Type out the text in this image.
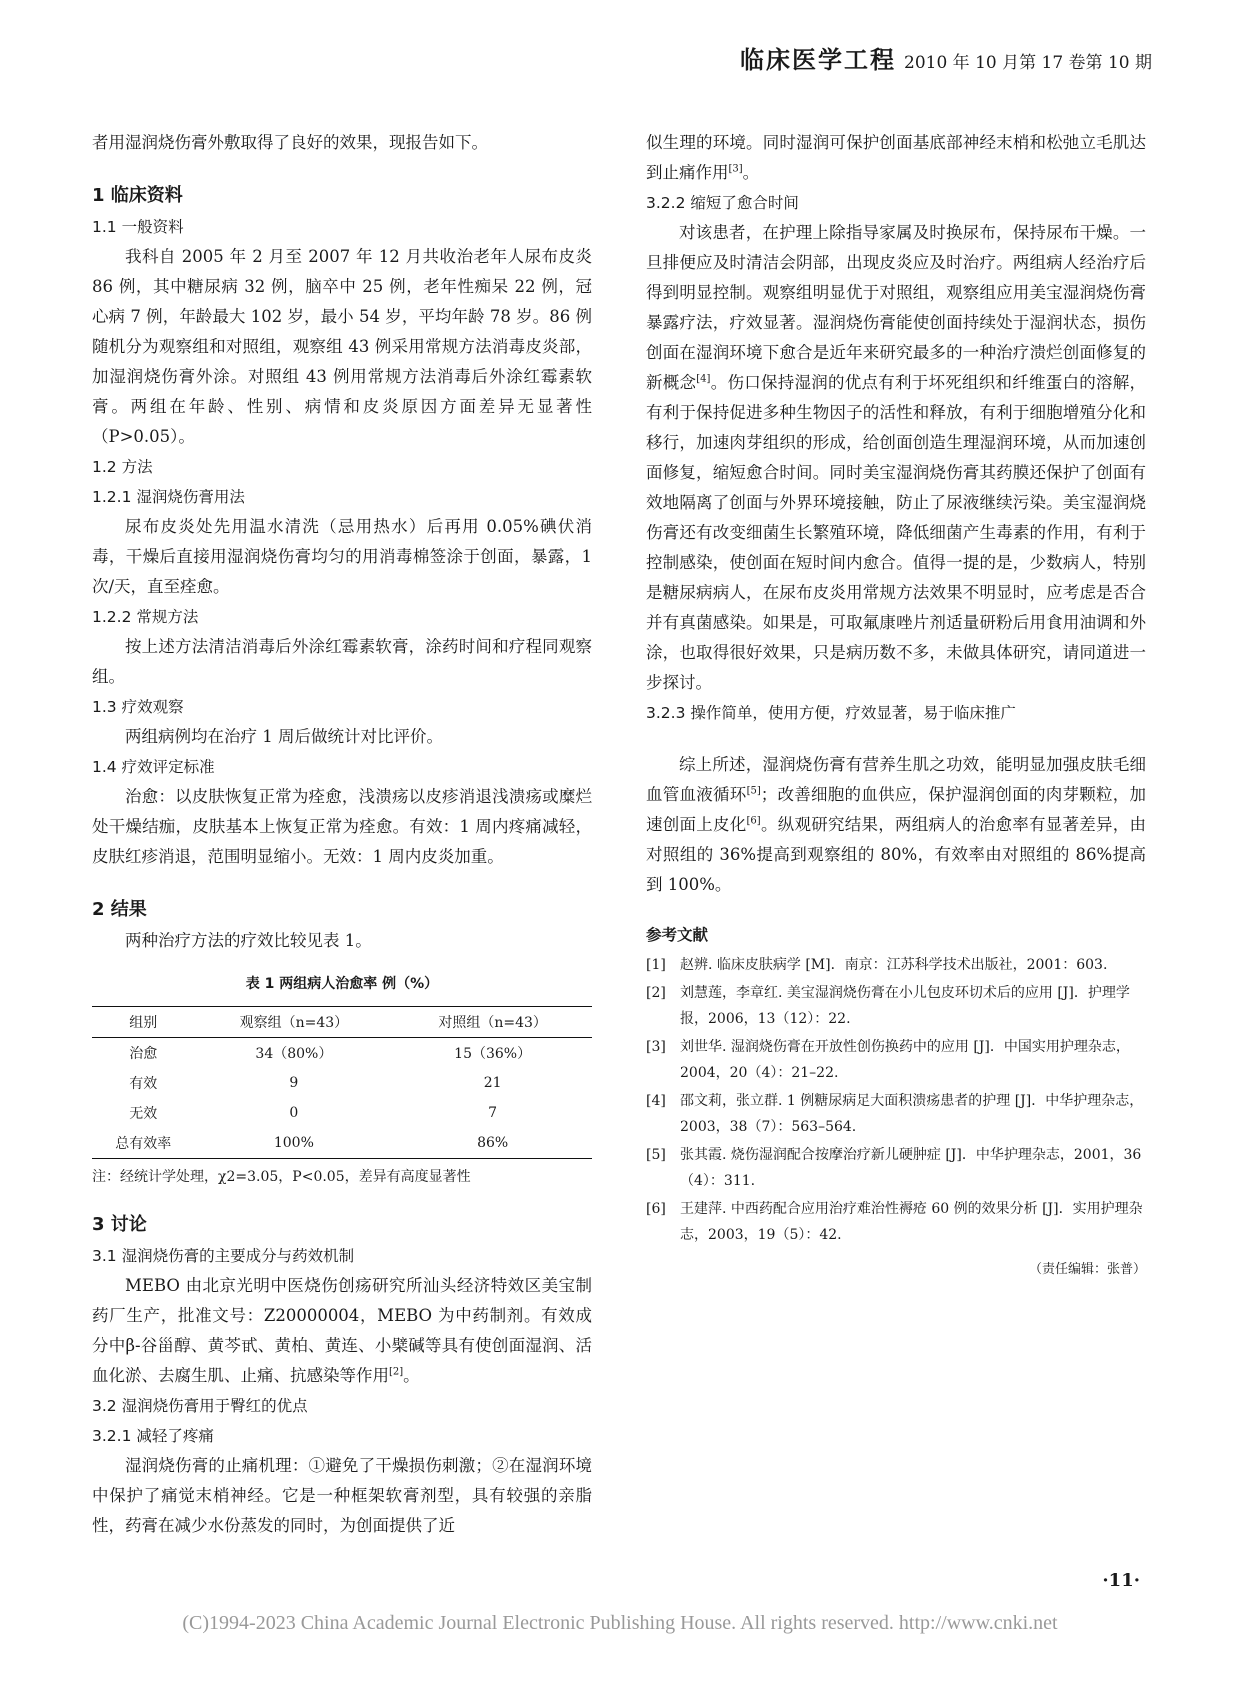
临床医学工程 2010 年 10 月第 17 卷第 10 期

者用湿润烧伤膏外敷取得了良好的效果，现报告如下。

1 临床资料
1.1 一般资料

我科自 2005 年 2 月至 2007 年 12 月共收治老年人尿布皮炎 86 例，其中糖尿病 32 例，脑卒中 25 例，老年性痴呆 22 例，冠心病 7 例，年龄最大 102 岁，最小 54 岁，平均年龄 78 岁。86 例随机分为观察组和对照组，观察组 43 例采用常规方法消毒皮炎部，加湿润烧伤膏外涂。对照组 43 例用常规方法消毒后外涂红霉素软膏。两组在年龄、性别、病情和皮炎原因方面差异无显著性（P>0.05）。

1.2 方法
1.2.1 湿润烧伤膏用法

尿布皮炎处先用温水清洗（忌用热水）后再用 0.05%碘伏消毒，干燥后直接用湿润烧伤膏均匀的用消毒棉签涂于创面，暴露，1 次/天，直至痊愈。

1.2.2 常规方法

按上述方法清洁消毒后外涂红霉素软膏，涂药时间和疗程同观察组。

1.3 疗效观察

两组病例均在治疗 1 周后做统计对比评价。

1.4 疗效评定标准

治愈：以皮肤恢复正常为痊愈，浅溃疡以皮疹消退浅溃疡或糜烂处干燥结痂，皮肤基本上恢复正常为痊愈。有效：1 周内疼痛减轻，皮肤红疹消退，范围明显缩小。无效：1 周内皮炎加重。

2 结果

两种治疗方法的疗效比较见表 1。

表 1 两组病人治愈率 例（%）
组别	观察组（n=43）	对照组（n=43）
治愈	34（80%）	15（36%）
有效	9	21
无效	0	7
总有效率	100%	86%
注：经统计学处理，χ2=3.05，P<0.05，差异有高度显著性
3 讨论
3.1 湿润烧伤膏的主要成分与药效机制

MEBO 由北京光明中医烧伤创疡研究所汕头经济特效区美宝制药厂生产，批准文号：Z20000004，MEBO 为中药制剂。有效成分中β-谷甾醇、黄芩甙、黄柏、黄连、小檗碱等具有使创面湿润、活血化淤、去腐生肌、止痛、抗感染等作用[2]。

3.2 湿润烧伤膏用于臀红的优点
3.2.1 减轻了疼痛

湿润烧伤膏的止痛机理：①避免了干燥损伤刺激；②在湿润环境中保护了痛觉末梢神经。它是一种框架软膏剂型，具有较强的亲脂性，药膏在减少水份蒸发的同时，为创面提供了近

似生理的环境。同时湿润可保护创面基底部神经末梢和松弛立毛肌达到止痛作用[3]。

3.2.2 缩短了愈合时间

对该患者，在护理上除指导家属及时换尿布，保持尿布干燥。一旦排便应及时清洁会阴部，出现皮炎应及时治疗。两组病人经治疗后得到明显控制。观察组明显优于对照组，观察组应用美宝湿润烧伤膏暴露疗法，疗效显著。湿润烧伤膏能使创面持续处于湿润状态，损伤创面在湿润环境下愈合是近年来研究最多的一种治疗溃烂创面修复的新概念[4]。伤口保持湿润的优点有利于坏死组织和纤维蛋白的溶解，有利于保持促进多种生物因子的活性和释放，有利于细胞增殖分化和移行，加速肉芽组织的形成，给创面创造生理湿润环境，从而加速创面修复，缩短愈合时间。同时美宝湿润烧伤膏其药膜还保护了创面有效地隔离了创面与外界环境接触，防止了尿液继续污染。美宝湿润烧伤膏还有改变细菌生长繁殖环境，降低细菌产生毒素的作用，有利于控制感染，使创面在短时间内愈合。值得一提的是，少数病人，特别是糖尿病病人，在尿布皮炎用常规方法效果不明显时，应考虑是否合并有真菌感染。如果是，可取氟康唑片剂适量研粉后用食用油调和外涂，也取得很好效果，只是病历数不多，未做具体研究，请同道进一步探讨。

3.2.3 操作简单，使用方便，疗效显著，易于临床推广

综上所述，湿润烧伤膏有营养生肌之功效，能明显加强皮肤毛细血管血液循环[5]；改善细胞的血供应，保护湿润创面的肉芽颗粒，加速创面上皮化[6]。纵观研究结果，两组病人的治愈率有显著差异，由对照组的 36%提高到观察组的 80%，有效率由对照组的 86%提高到 100%。

参考文献
[1]	赵辨. 临床皮肤病学 [M]．南京：江苏科学技术出版社，2001：603.
[2]	刘慧莲，李章红. 美宝湿润烧伤膏在小儿包皮环切术后的应用 [J]．护理学报，2006，13（12）：22.
[3]	刘世华. 湿润烧伤膏在开放性创伤换药中的应用 [J]．中国实用护理杂志，2004，20（4）：21–22.
[4]	邵文莉，张立群. 1 例糖尿病足大面积溃疡患者的护理 [J]．中华护理杂志，2003，38（7）：563–564.
[5]	张其霞. 烧伤湿润配合按摩治疗新儿硬肿症 [J]．中华护理杂志，2001，36（4）：311.
[6]	王建萍. 中西药配合应用治疗难治性褥疮 60 例的效果分析 [J]．实用护理杂志，2003，19（5）：42.
（责任编辑：张普）
·11·
(C)1994-2023 China Academic Journal Electronic Publishing House. All rights reserved. http://www.cnki.net
